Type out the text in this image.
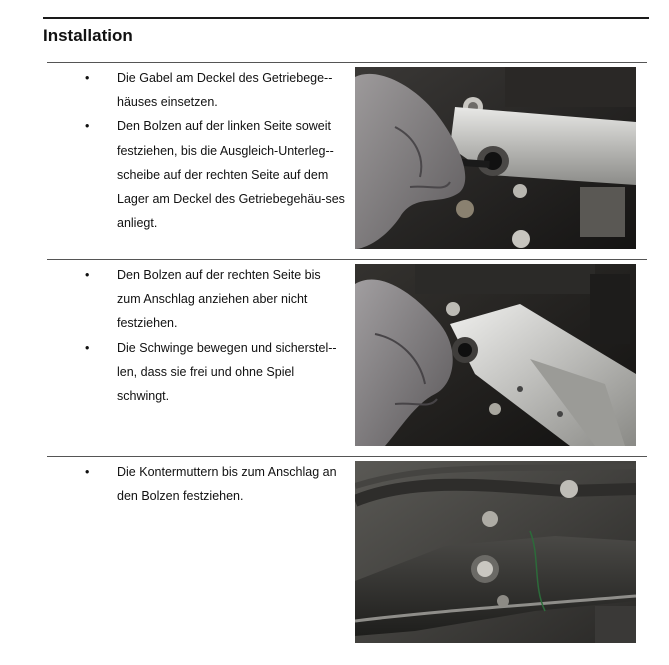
Installation
• Die Gabel am Deckel des Getriebege-häuses einsetzen.
• Den Bolzen auf der linken Seite soweit festziehen, bis die Ausgleich-Unterleg-scheibe auf der rechten Seite auf dem Lager am Deckel des Getriebegehäu-ses anliegt.
• Den Bolzen auf der rechten Seite bis zum Anschlag anziehen aber nicht festziehen.
• Die Schwinge bewegen und sicherstel-len, dass sie frei und ohne Spiel schwingt.
• Die Kontermuttern bis zum Anschlag an den Bolzen festziehen.
